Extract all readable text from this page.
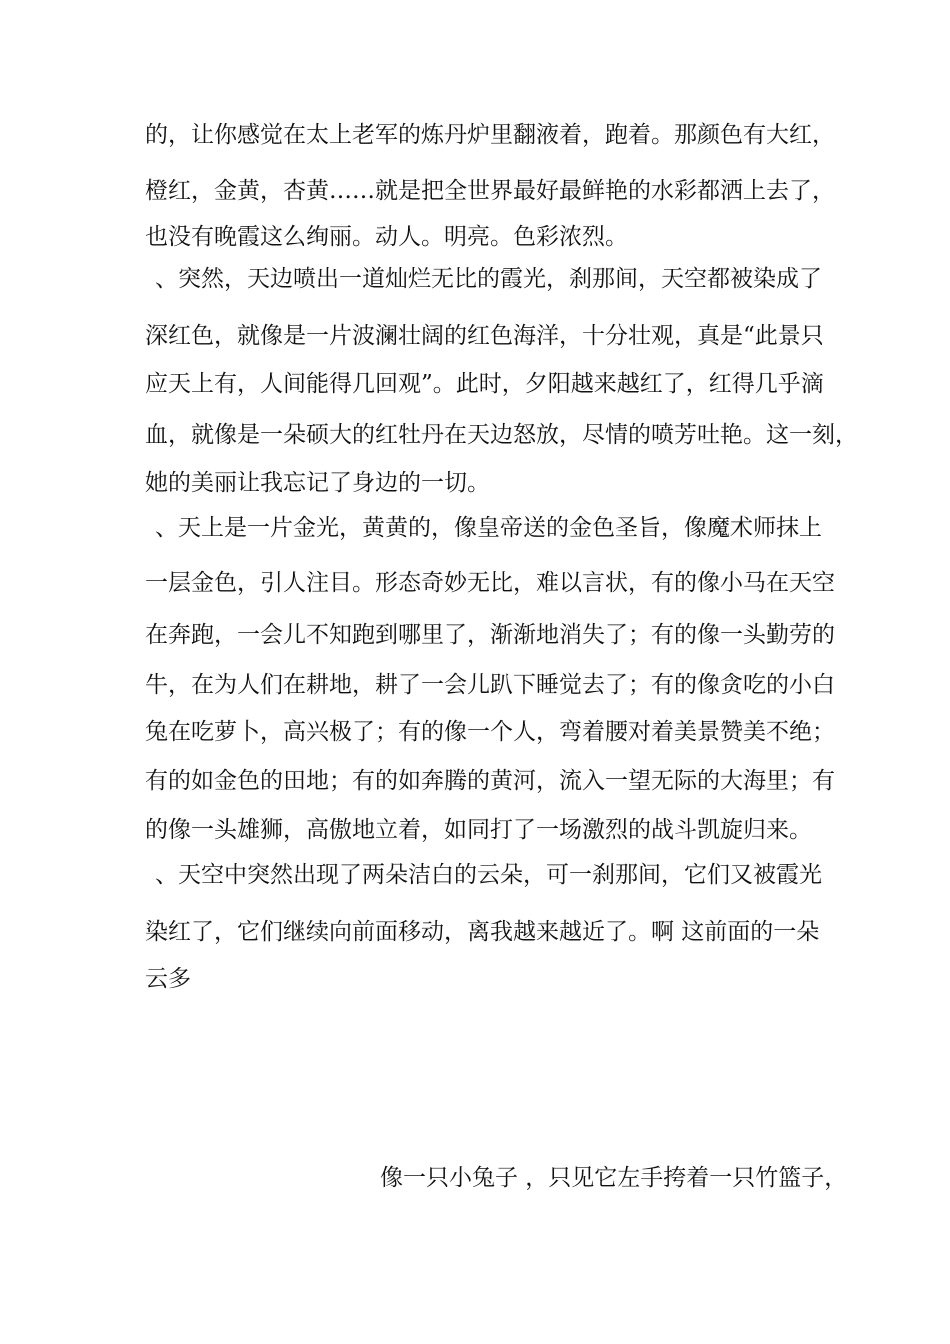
的，让你感觉在太上老军的炼丹炉里翻液着，跑着。那颜色有大红，
橙红，金黄，杏黄……就是把全世界最好最鲜艳的水彩都洒上去了，
也没有晚霞这么绚丽。动人。明亮。色彩浓烈。
、突然，天边喷出一道灿烂无比的霞光，刹那间，天空都被染成了
深红色，就像是一片波澜壮阔的红色海洋，十分壮观，真是“此景只
应天上有，人间能得几回观”。此时，夕阳越来越红了，红得几乎滴
血，就像是一朵硕大的红牡丹在天边怒放，尽情的喷芳吐艳。这一刻，
她的美丽让我忘记了身边的一切。
、天上是一片金光，黄黄的，像皇帝送的金色圣旨，像魔术师抹上
一层金色，引人注目。形态奇妙无比，难以言状，有的像小马在天空
在奔跑，一会儿不知跑到哪里了，渐渐地消失了；有的像一头勤劳的
牛，在为人们在耕地，耕了一会儿趴下睡觉去了；有的像贪吃的小白
兔在吃萝卜，高兴极了；有的像一个人，弯着腰对着美景赞美不绝；
有的如金色的田地；有的如奔腾的黄河，流入一望无际的大海里；有
的像一头雄狮，高傲地立着，如同打了一场激烈的战斗凯旋归来。
、天空中突然出现了两朵洁白的云朵，可一刹那间，它们又被霞光
染红了，它们继续向前面移动，离我越来越近了。啊 这前面的一朵
云多
像一只小兔子 ，只见它左手挎着一只竹篮子，
